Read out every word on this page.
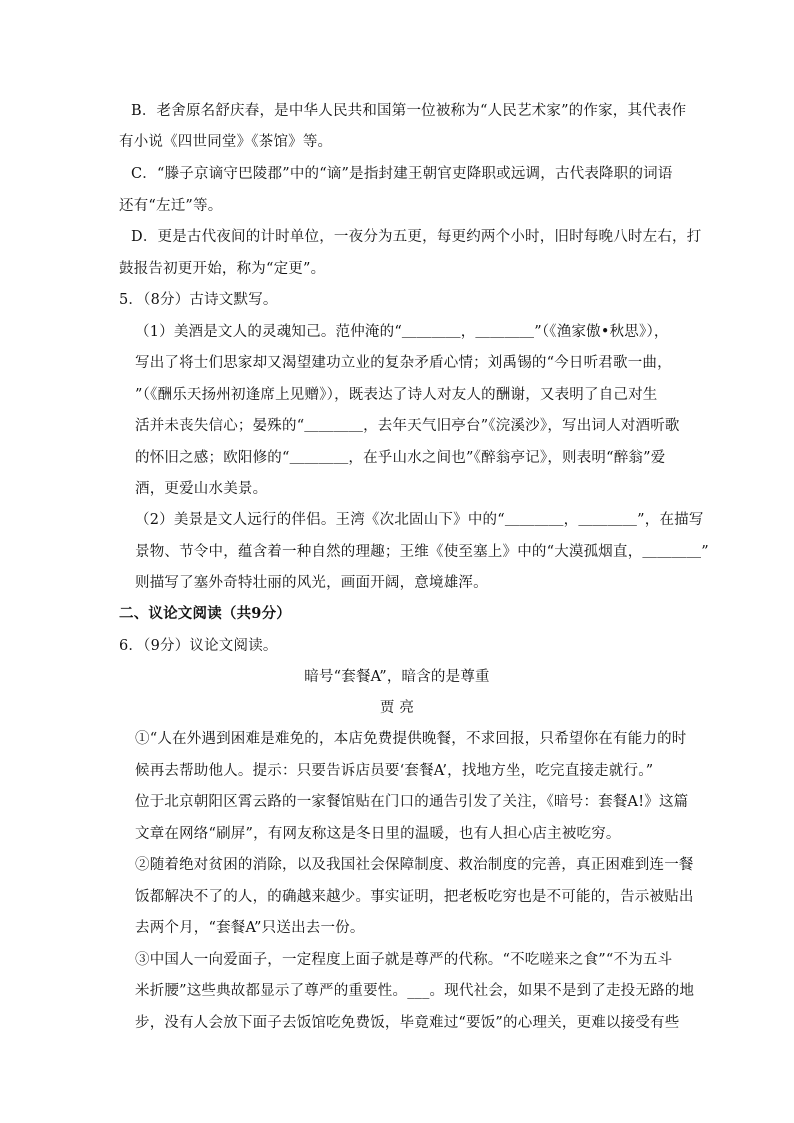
B．老舍原名舒庆春，是中华人民共和国第一位被称为“人民艺术家”的作家，其代表作
有小说《四世同堂》《茶馆》等。
C．“滕子京谪守巴陵郡”中的“谪”是指封建王朝官吏降职或远调，古代表降职的词语
还有“左迁”等。
D．更是古代夜间的计时单位，一夜分为五更，每更约两个小时，旧时每晚八时左右，打
鼓报告初更开始，称为“定更”。
5．（8分）古诗文默写。
（1）美酒是文人的灵魂知己。范仲淹的“＿＿＿＿，＿＿＿＿”（《渔家傲•秋思》），
写出了将士们思家却又渴望建功立业的复杂矛盾心情；刘禹锡的“今日听君歌一曲，
”（《酬乐天扬州初逢席上见赠》），既表达了诗人对友人的酬谢，又表明了自己对生
活并未丧失信心；晏殊的“＿＿＿＿，去年天气旧亭台”《浣溪沙》，写出词人对酒听歌
的怀旧之感；欧阳修的“＿＿＿＿，在乎山水之间也”《醉翁亭记》，则表明“醉翁”爱
酒，更爱山水美景。
（2）美景是文人远行的伴侣。王湾《次北固山下》中的“＿＿＿＿，＿＿＿＿”，在描写
景物、节令中，蕴含着一种自然的理趣；王维《使至塞上》中的“大漠孤烟直，＿＿＿＿”
则描写了塞外奇特壮丽的风光，画面开阔，意境雄浑。
二、议论文阅读（共9分）
6．（9分）议论文阅读。
暗号“套餐A”，暗含的是尊重
贾 亮
①“人在外遇到困难是难免的，本店免费提供晚餐，不求回报，只希望你在有能力的时
候再去帮助他人。提示：只要告诉店员要‘套餐A’，找地方坐，吃完直接走就行。”
位于北京朝阳区霄云路的一家餐馆贴在门口的通告引发了关注，《暗号：套餐A!》这篇
文章在网络“刷屏”，有网友称这是冬日里的温暖，也有人担心店主被吃穷。
②随着绝对贫困的消除，以及我国社会保障制度、救治制度的完善，真正困难到连一餐
饭都解决不了的人，的确越来越少。事实证明，把老板吃穷也是不可能的，告示被贴出
去两个月，“套餐A”只送出去一份。
③中国人一向爱面子，一定程度上面子就是尊严的代称。“不吃嗟来之食”“不为五斗
米折腰”这些典故都显示了尊严的重要性。___。现代社会，如果不是到了走投无路的地
步，没有人会放下面子去饭馆吃免费饭，毕竟难过“要饭”的心理关，更难以接受有些
